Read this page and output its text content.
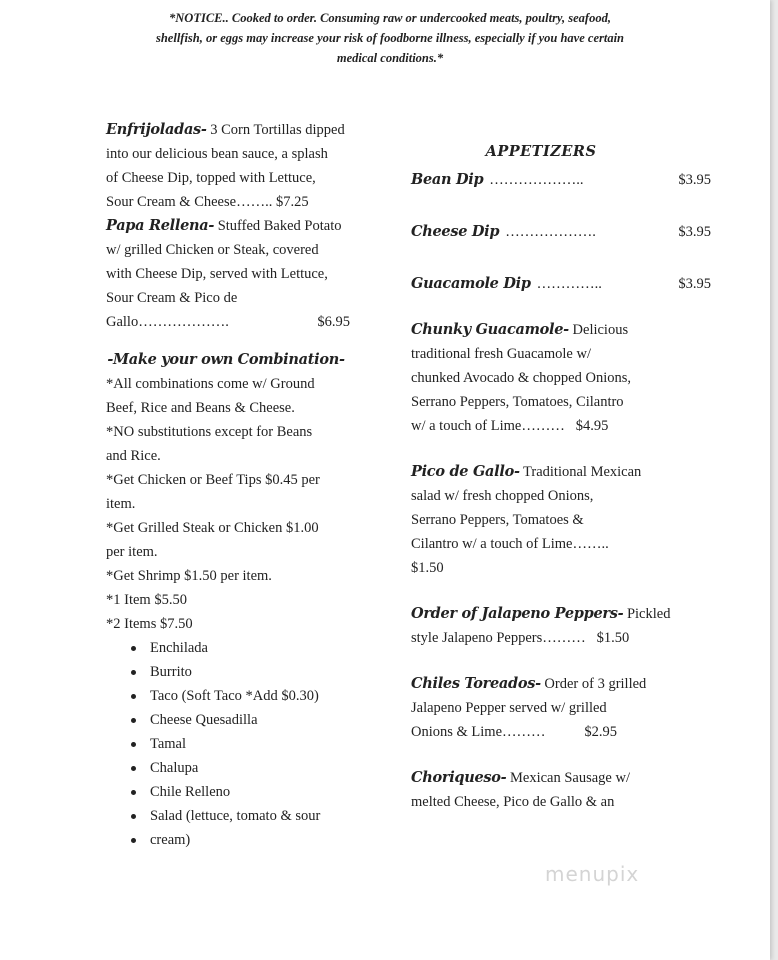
*NOTICE.. Cooked to order. Consuming raw or undercooked meats, poultry, seafood,
shellfish, or eggs may increase your risk of foodborne illness, especially if you have certain
medical conditions.*
Enfrijoladas- 3 Corn Tortillas dipped
into our delicious bean sauce, a splash
of Cheese Dip, topped with Lettuce,
Sour Cream & Cheese…….. $7.25
Papa Rellena- Stuffed Baked Potato
w/ grilled Chicken or Steak, covered
with Cheese Dip, served with Lettuce,
Sour Cream & Pico de
Gallo……………….	$6.95
-Make your own Combination-
*All combinations come w/ Ground
Beef, Rice and Beans & Cheese.
*NO substitutions except for Beans
and Rice.
*Get Chicken or Beef Tips $0.45 per
item.
*Get Grilled Steak or Chicken $1.00
per item.
*Get Shrimp $1.50 per item.
*1 Item $5.50
*2 Items $7.50
Enchilada
Burrito
Taco (Soft Taco *Add $0.30)
Cheese Quesadilla
Tamal
Chalupa
Chile Relleno
Salad (lettuce, tomato & sour
cream)
APPETIZERS
Bean Dip ………………..	$3.95
Cheese Dip ……………….	$3.95
Guacamole Dip …………..	$3.95
Chunky Guacamole- Delicious
traditional fresh Guacamole w/
chunked Avocado & chopped Onions,
Serrano Peppers, Tomatoes, Cilantro
w/ a touch of Lime……… $4.95
Pico de Gallo- Traditional Mexican
salad w/ fresh chopped Onions,
Serrano Peppers, Tomatoes &
Cilantro w/ a touch of Lime……..
$1.50
Order of Jalapeno Peppers- Pickled
style Jalapeno Peppers……… $1.50
Chiles Toreados- Order of 3 grilled
Jalapeno Pepper served w/ grilled
Onions & Lime………	$2.95
Choriqueso- Mexican Sausage w/
melted Cheese, Pico de Gallo & an
menupix
